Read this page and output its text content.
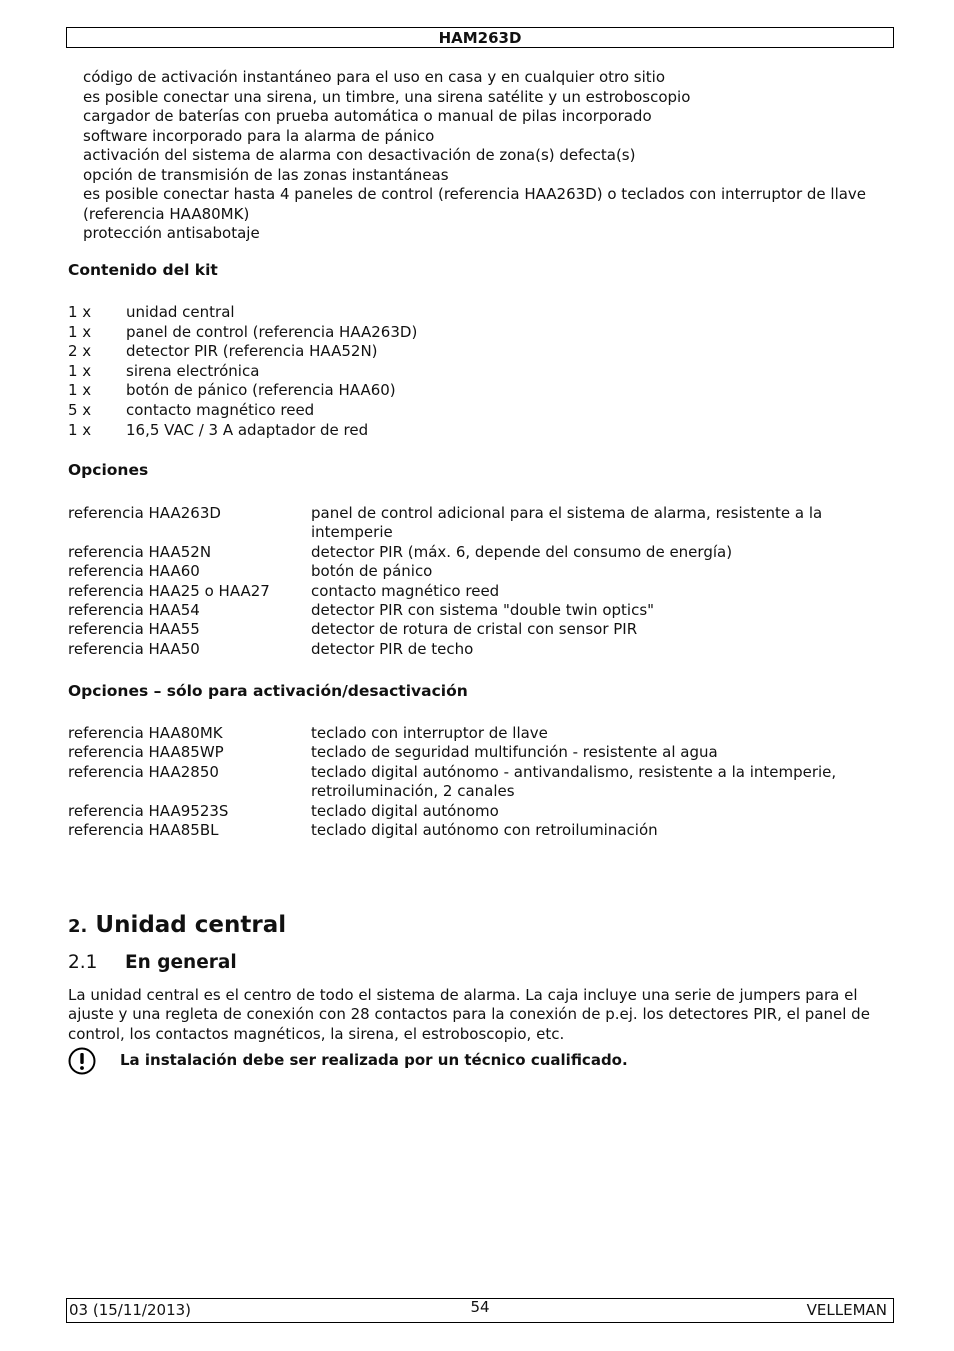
HAM263D
código de activación instantáneo para el uso en casa y en cualquier otro sitio
es posible conectar una sirena, un timbre, una sirena satélite y un estroboscopio
cargador de baterías con prueba automática o manual de pilas incorporado
software incorporado para la alarma de pánico
activación del sistema de alarma con desactivación de zona(s) defecta(s)
opción de transmisión de las zonas instantáneas
es posible conectar hasta 4 paneles de control (referencia HAA263D) o teclados con interruptor de llave (referencia HAA80MK)
protección antisabotaje
Contenido del kit
1 x	unidad central
1 x	panel de control (referencia HAA263D)
2 x	detector PIR (referencia HAA52N)
1 x	sirena electrónica
1 x	botón de pánico (referencia HAA60)
5 x	contacto magnético reed
1 x	16,5 VAC / 3 A adaptador de red
Opciones
referencia HAA263D	panel de control adicional para el sistema de alarma, resistente a la intemperie
referencia HAA52N	detector PIR (máx. 6, depende del consumo de energía)
referencia HAA60	botón de pánico
referencia HAA25 o HAA27	contacto magnético reed
referencia HAA54	detector PIR con sistema "double twin optics"
referencia HAA55	detector de rotura de cristal con sensor PIR
referencia HAA50	detector PIR de techo
Opciones – sólo para activación/desactivación
referencia HAA80MK	teclado con interruptor de llave
referencia HAA85WP	teclado de seguridad multifunción - resistente al agua
referencia HAA2850	teclado digital autónomo - antivandalismo, resistente a la intemperie, retroiluminación, 2 canales
referencia HAA9523S	teclado digital autónomo
referencia HAA85BL	teclado digital autónomo con retroiluminación
2. Unidad central
2.1 En general
La unidad central es el centro de todo el sistema de alarma. La caja incluye una serie de jumpers para el ajuste y una regleta de conexión con 28 contactos para la conexión de p.ej. los detectores PIR, el panel de control, los contactos magnéticos, la sirena, el estroboscopio, etc.
La instalación debe ser realizada por un técnico cualificado.
03 (15/11/2013)	54	VELLEMAN
